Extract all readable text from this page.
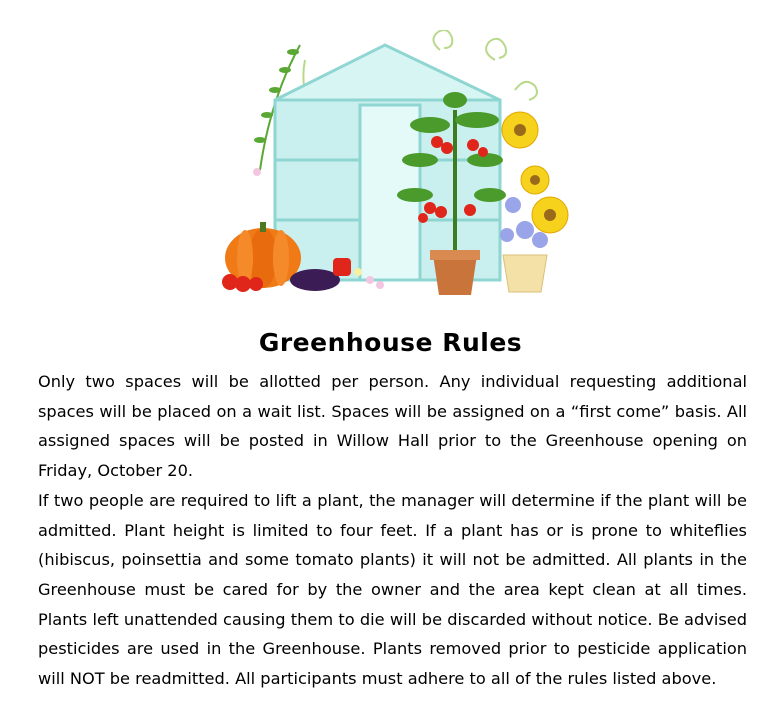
Greenhouse Rules

Only two spaces will be allotted per person. Any individual requesting additional spaces will be placed on a wait list. Spaces will be assigned on a “first come” basis. All assigned spaces will be posted in Willow Hall prior to the Greenhouse opening on Friday, October 20.

If two people are required to lift a plant, the manager will determine if the plant will be admitted. Plant height is limited to four feet. If a plant has or is prone to whiteflies (hibiscus, poinsettia and some tomato plants) it will not be admitted. All plants in the Greenhouse must be cared for by the owner and the area kept clean at all times. Plants left unattended causing them to die will be discarded without notice. Be advised pesticides are used in the Greenhouse. Plants removed prior to pesticide application will NOT be readmitted. All participants must adhere to all of the rules listed above.
